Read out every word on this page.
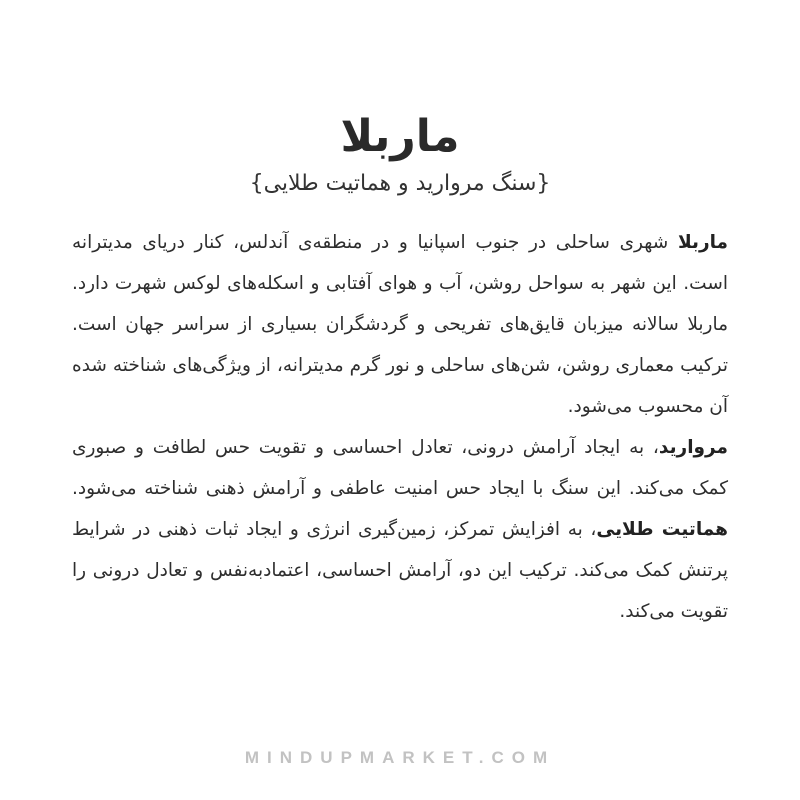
ماربلا
{سنگ مروارید و هماتیت طلایی}

ماربلا شهری ساحلی در جنوب اسپانیا و در منطقه‌ی آندلس، کنار دریای مدیترانه است. این شهر به سواحل روشن، آب و هوای آفتابی و اسکله‌های لوکس شهرت دارد. ماربلا سالانه میزبان قایق‌های تفریحی و گردشگران بسیاری از سراسر جهان است. ترکیب معماری روشن، شن‌های ساحلی و نور گرم مدیترانه، از ویژگی‌های شناخته شده آن محسوب می‌شود.

مروارید، به ایجاد آرامش درونی، تعادل احساسی و تقویت حس لطافت و صبوری کمک می‌کند. این سنگ با ایجاد حس امنیت عاطفی و آرامش ذهنی شناخته می‌شود. هماتیت طلایی، به افزایش تمرکز، زمین‌گیری انرژی و ایجاد ثبات ذهنی در شرایط پرتنش کمک می‌کند. ترکیب این دو، آرامش احساسی، اعتمادبه‌نفس و تعادل درونی را تقویت می‌کند.

MINDUPMARKET.COM
